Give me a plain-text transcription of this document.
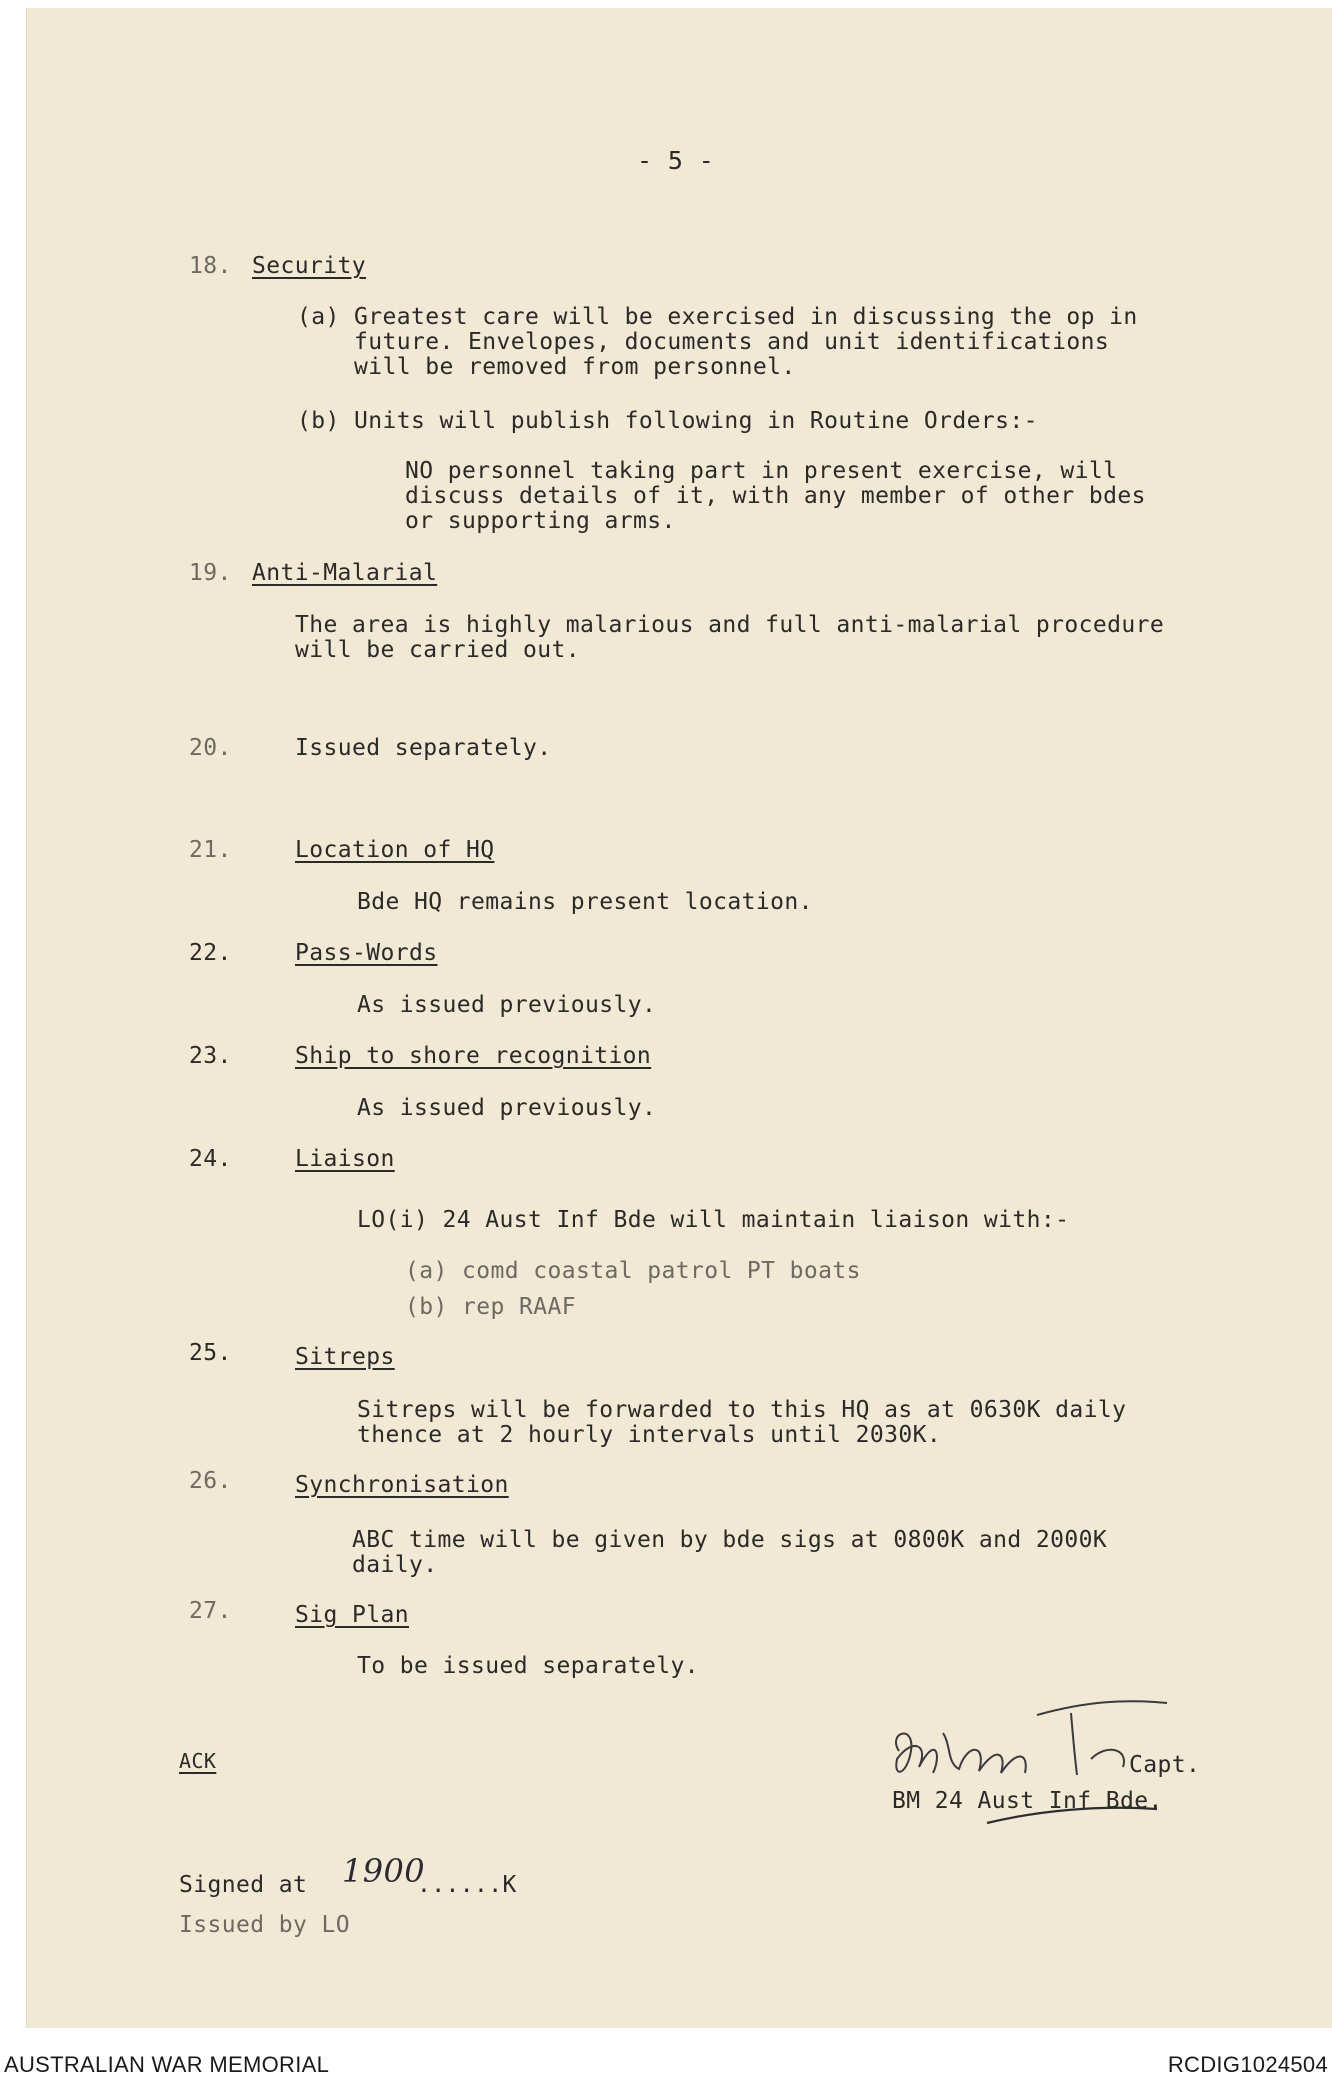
- 5 -
18. Security
(a) Greatest care will be exercised in discussing the op in
future. Envelopes, documents and unit identifications
will be removed from personnel.
(b) Units will publish following in Routine Orders:-
NO personnel taking part in present exercise, will
discuss details of it, with any member of other bdes
or supporting arms.
19. Anti-Malarial
The area is highly malarious and full anti-malarial procedure
will be carried out.
20.	Issued separately.
21.	Location of HQ
Bde HQ remains present location.
22.	Pass-Words
As issued previously.
23.	Ship to shore recognition
As issued previously.
24.	Liaison
LO(i) 24 Aust Inf Bde will maintain liaison with:-
(a) comd coastal patrol PT boats
(b) rep RAAF
25.	Sitreps
Sitreps will be forwarded to this HQ as at 0630K daily
thence at 2 hourly intervals until 2030K.
26.	Synchronisation
ABC time will be given by bde sigs at 0800K and 2000K
daily.
27.	Sig Plan
To be issued separately.
ACK	Capt.
BM 24 Aust Inf Bde.
Signed at 1900
......K
Issued by LO
AUSTRALIAN WAR MEMORIAL	RCDIG1024504
